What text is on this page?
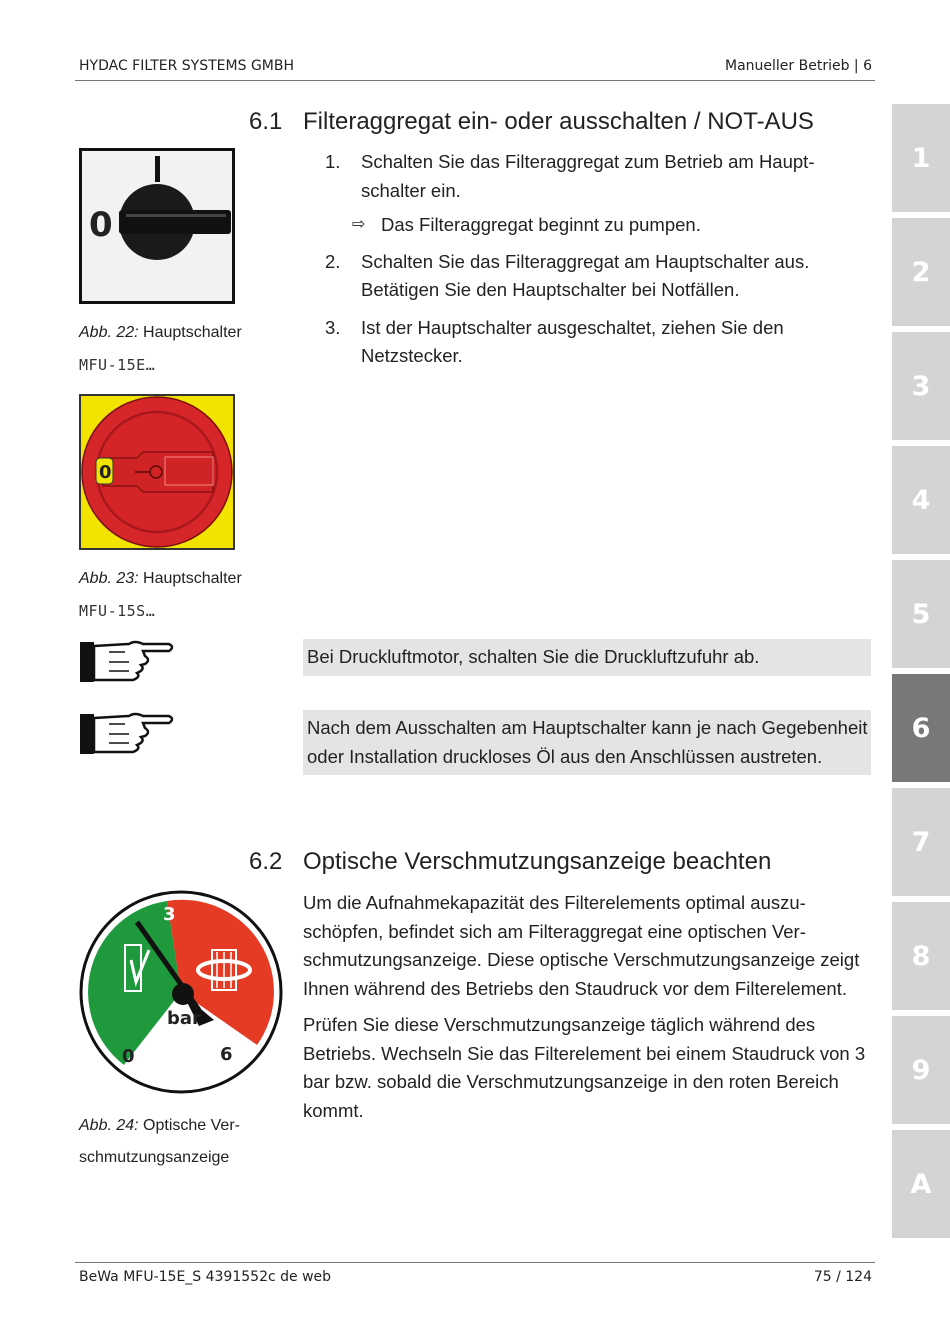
HYDAC FILTER SYSTEMS GMBH	Manueller Betrieb | 6
6.1 Filteraggregat ein- oder ausschalten / NOT-AUS
0
Abb. 22: Hauptschalter
MFU-15E…
1. Schalten Sie das Filteraggregat zum Betrieb am Hauptschalter ein.
⇨ Das Filteraggregat beginnt zu pumpen.
2. Schalten Sie das Filteraggregat am Hauptschalter aus. Betätigen Sie den Hauptschalter bei Notfällen.
3. Ist der Hauptschalter ausgeschaltet, ziehen Sie den Netzstecker.
0
Abb. 23: Hauptschalter
MFU-15S…
Bei Druckluftmotor, schalten Sie die Druckluftzufuhr ab.
Nach dem Ausschalten am Hauptschalter kann je nach Gegebenheit oder Installation druckloses Öl aus den Anschlüssen austreten.
6.2 Optische Verschmutzungsanzeige beachten
Um die Aufnahmekapazität des Filterelements optimal auszuschöpfen, befindet sich am Filteraggregat eine optischen Verschmutzungsanzeige. Diese optische Verschmutzungsanzeige zeigt Ihnen während des Betriebs den Staudruck vor dem Filterelement.
Prüfen Sie diese Verschmutzungsanzeige täglich während des Betriebs. Wechseln Sie das Filterelement bei einem Staudruck von 3 bar bzw. sobald die Verschmutzungsanzeige in den roten Bereich kommt.
3
bar
0	6
Abb. 24: Optische Verschmutzungsanzeige
1
2
3
4
5
6
7
8
9
A
BeWa MFU-15E_S 4391552c de web	75 / 124
